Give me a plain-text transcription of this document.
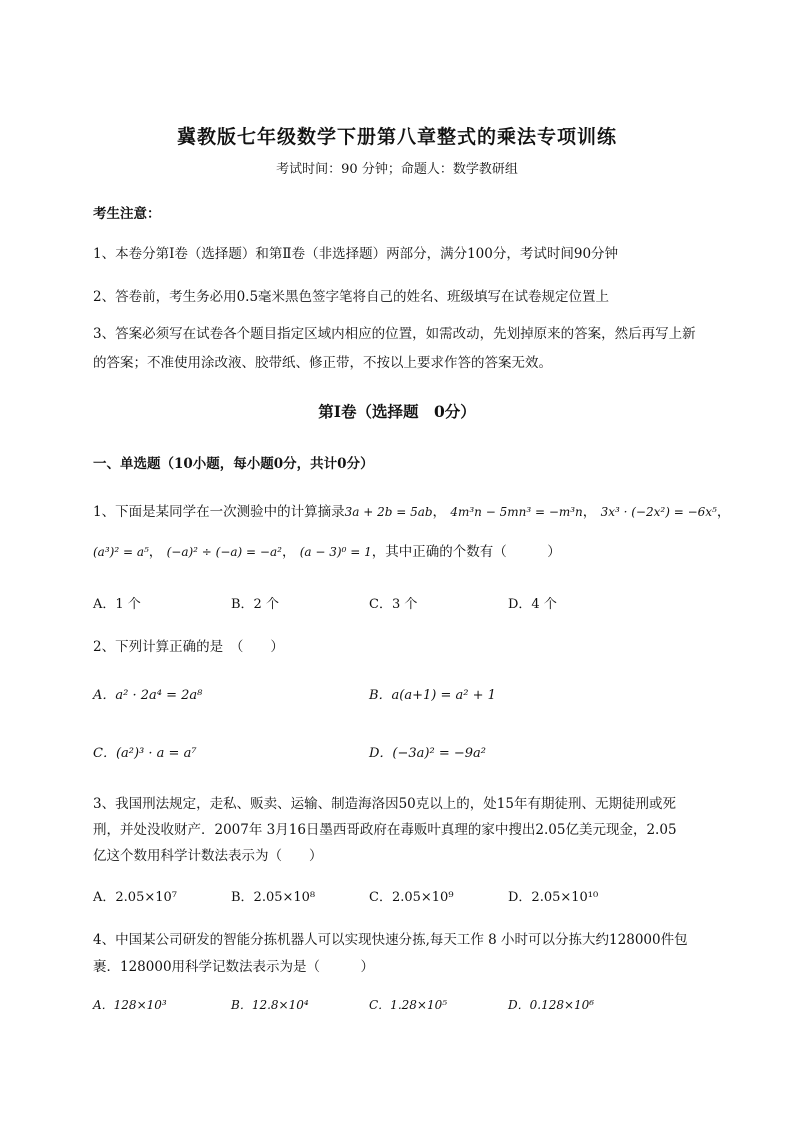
冀教版七年级数学下册第八章整式的乘法专项训练
考试时间：90 分钟；命题人：数学教研组
考生注意：
1、本卷分第Ⅰ卷（选择题）和第Ⅱ卷（非选择题）两部分，满分100分，考试时间90分钟
2、答卷前，考生务必用0.5毫米黑色签字笔将自己的姓名、班级填写在试卷规定位置上
3、答案必须写在试卷各个题目指定区域内相应的位置，如需改动，先划掉原来的答案，然后再写上新的答案；不准使用涂改液、胶带纸、修正带，不按以上要求作答的答案无效。
第Ⅰ卷（选择题　0分）
一、单选题（10小题，每小题0分，共计0分）
1、下面是某同学在一次测验中的计算摘录3a + 2b = 5ab， 4m³n − 5mn³ = −m³n， 3x³ · (−2x²) = −6x⁵，
(a³)² = a⁵， (−a)² ÷ (−a) = −a²， (a − 3)⁰ = 1，其中正确的个数有（　　　）
A．1 个	B．2 个	C．3 个	D．4 个
2、下列计算正确的是　（　　）
A．a² · 2a⁴ = 2a⁸	B．a(a+1) = a² + 1
C．(a²)³ · a = a⁷	D．(−3a)² = −9a²
3、我国刑法规定，走私、贩卖、运输、制造海洛因50克以上的，处15年有期徒刑、无期徒刑或死
刑，并处没收财产．2007年 3月16日墨西哥政府在毒贩叶真理的家中搜出2.05亿美元现金，2.05
亿这个数用科学计数法表示为（　　）
A．2.05×10⁷	B．2.05×10⁸	C．2.05×10⁹	D．2.05×10¹⁰
4、中国某公司研发的智能分拣机器人可以实现快速分拣,每天工作 8 小时可以分拣大约128000件包
裹．128000用科学记数法表示为是（　　　）
A．128×10³	B．12.8×10⁴	C．1.28×10⁵	D．0.128×10⁶
